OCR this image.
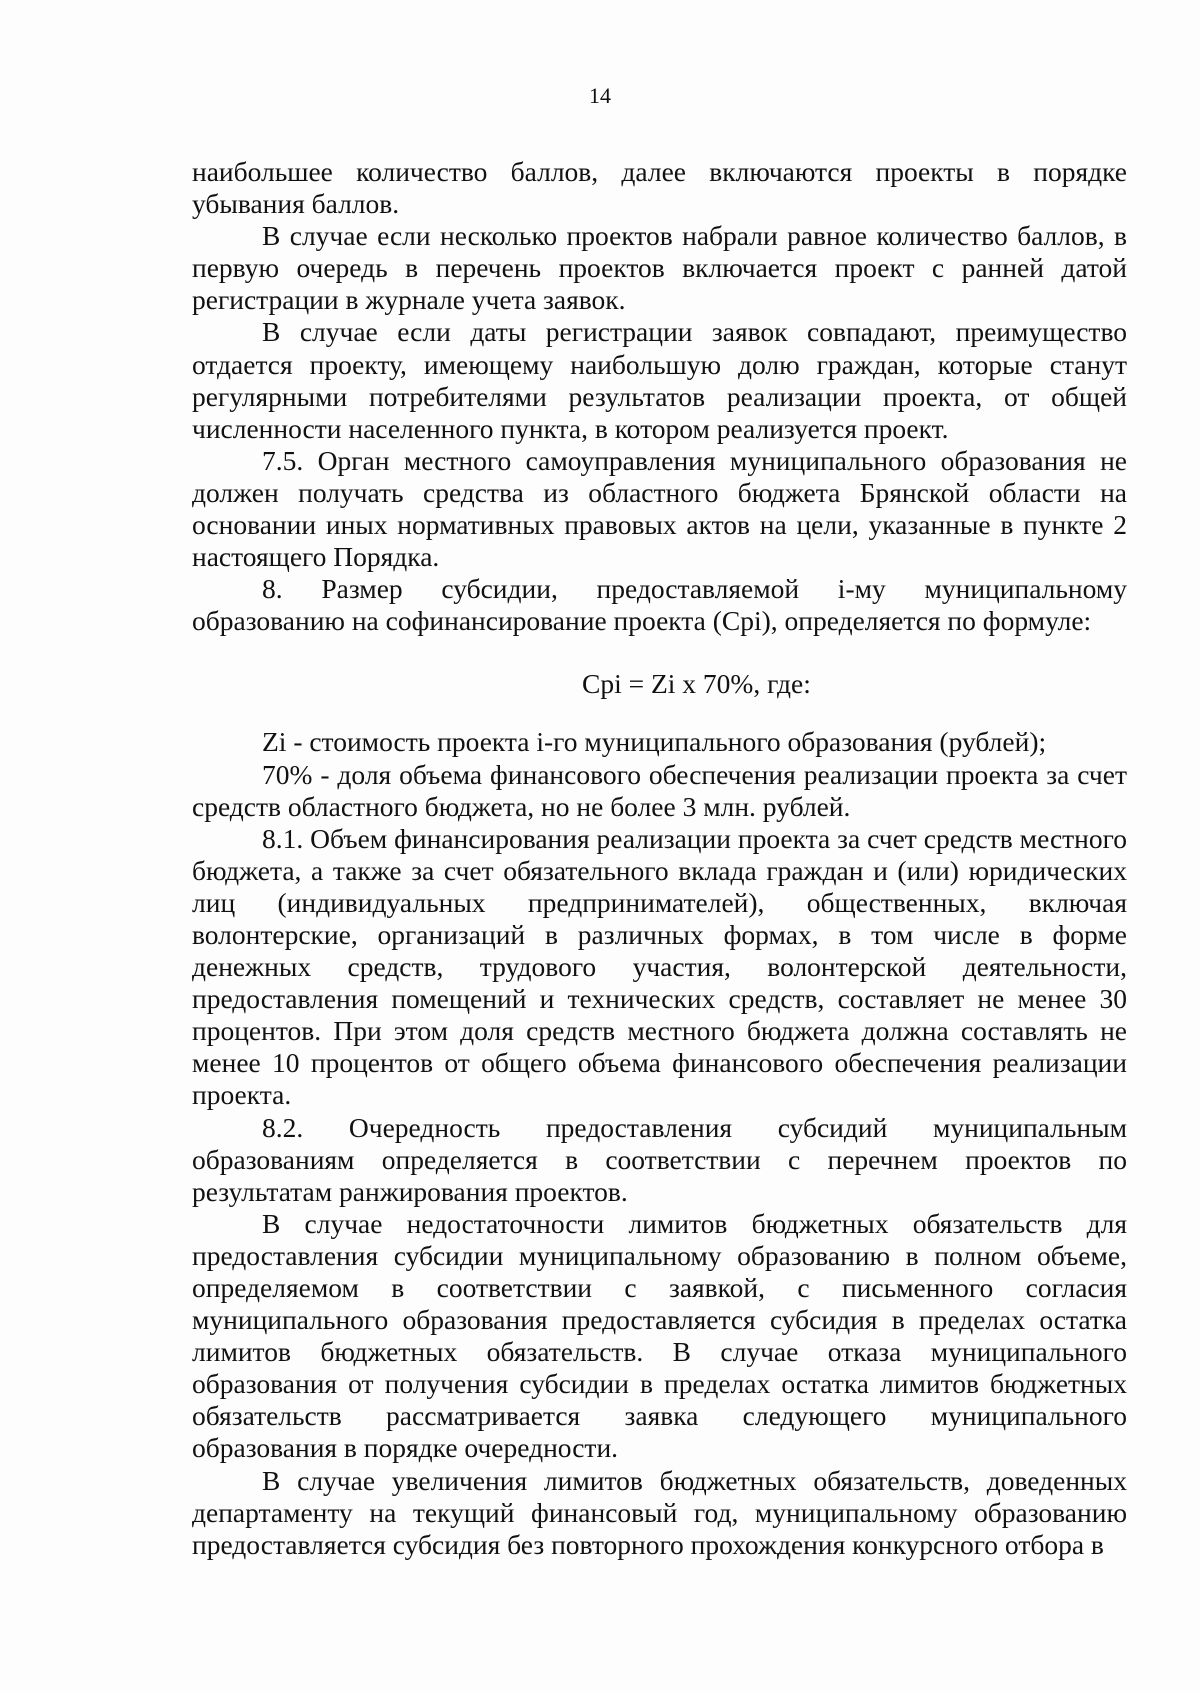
14

наибольшее количество баллов, далее включаются проекты в порядке убывания баллов.

В случае если несколько проектов набрали равное количество баллов, в первую очередь в перечень проектов включается проект с ранней датой регистрации в журнале учета заявок.

В случае если даты регистрации заявок совпадают, преимущество отдается проекту, имеющему наибольшую долю граждан, которые станут регулярными потребителями результатов реализации проекта, от общей численности населенного пункта, в котором реализуется проект.

7.5. Орган местного самоуправления муниципального образования не должен получать средства из областного бюджета Брянской области на основании иных нормативных правовых актов на цели, указанные в пункте 2 настоящего Порядка.

8. Размер субсидии, предоставляемой i-му муниципальному образованию на софинансирование проекта (Cpi), определяется по формуле:

Cpi = Zi x 70%, где:

Zi - стоимость проекта i-го муниципального образования (рублей);

70% - доля объема финансового обеспечения реализации проекта за счет средств областного бюджета, но не более 3 млн. рублей.

8.1. Объем финансирования реализации проекта за счет средств местного бюджета, а также за счет обязательного вклада граждан и (или) юридических лиц (индивидуальных предпринимателей), общественных, включая волонтерские, организаций в различных формах, в том числе в форме денежных средств, трудового участия, волонтерской деятельности, предоставления помещений и технических средств, составляет не менее 30 процентов. При этом доля средств местного бюджета должна составлять не менее 10 процентов от общего объема финансового обеспечения реализации проекта.

8.2. Очередность предоставления субсидий муниципальным образованиям определяется в соответствии с перечнем проектов по результатам ранжирования проектов.

В случае недостаточности лимитов бюджетных обязательств для предоставления субсидии муниципальному образованию в полном объеме, определяемом в соответствии с заявкой, с письменного согласия муниципального образования предоставляется субсидия в пределах остатка лимитов бюджетных обязательств. В случае отказа муниципального образования от получения субсидии в пределах остатка лимитов бюджетных обязательств рассматривается заявка следующего муниципального образования в порядке очередности.

В случае увеличения лимитов бюджетных обязательств, доведенных департаменту на текущий финансовый год, муниципальному образованию предоставляется субсидия без повторного прохождения конкурсного отбора в
